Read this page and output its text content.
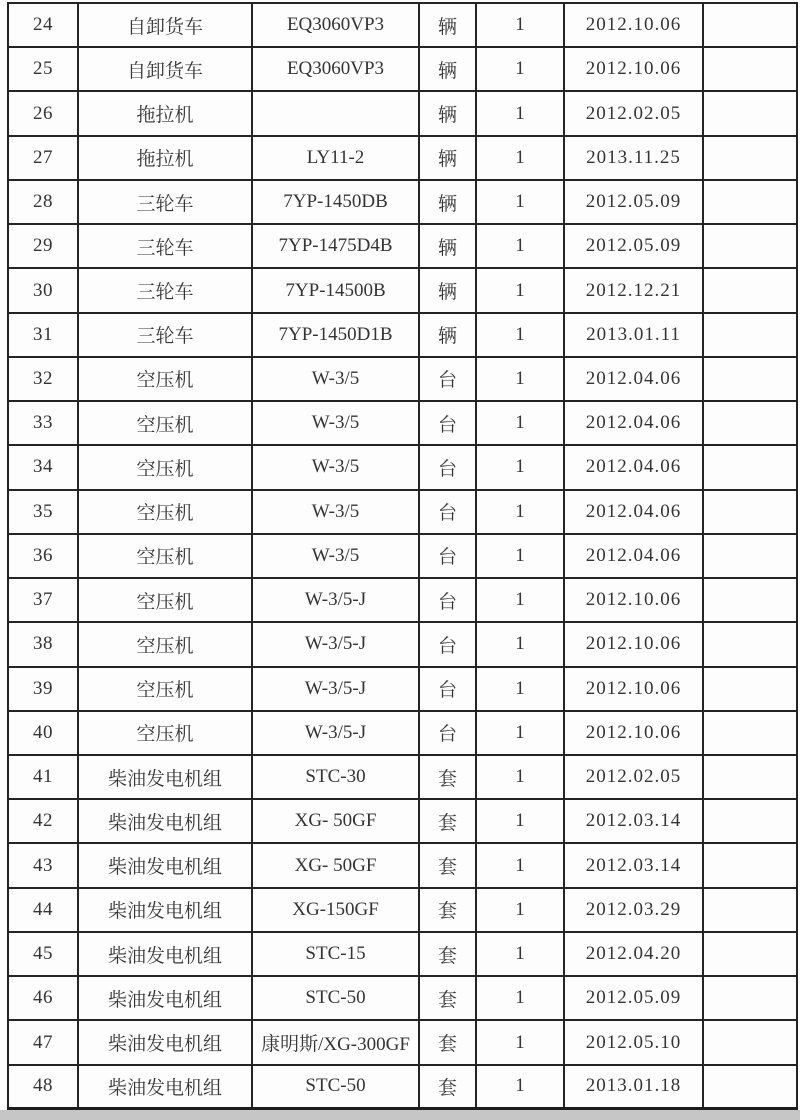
24	自卸货车	EQ3060VP3	辆	1	2012.10.06	
25	自卸货车	EQ3060VP3	辆	1	2012.10.06	
26	拖拉机		辆	1	2012.02.05	
27	拖拉机	LY11-2	辆	1	2013.11.25	
28	三轮车	7YP-1450DB	辆	1	2012.05.09	
29	三轮车	7YP-1475D4B	辆	1	2012.05.09	
30	三轮车	7YP-14500B	辆	1	2012.12.21	
31	三轮车	7YP-1450D1B	辆	1	2013.01.11	
32	空压机	W-3/5	台	1	2012.04.06	
33	空压机	W-3/5	台	1	2012.04.06	
34	空压机	W-3/5	台	1	2012.04.06	
35	空压机	W-3/5	台	1	2012.04.06	
36	空压机	W-3/5	台	1	2012.04.06	
37	空压机	W-3/5-J	台	1	2012.10.06	
38	空压机	W-3/5-J	台	1	2012.10.06	
39	空压机	W-3/5-J	台	1	2012.10.06	
40	空压机	W-3/5-J	台	1	2012.10.06	
41	柴油发电机组	STC-30	套	1	2012.02.05	
42	柴油发电机组	XG- 50GF	套	1	2012.03.14	
43	柴油发电机组	XG- 50GF	套	1	2012.03.14	
44	柴油发电机组	XG-150GF	套	1	2012.03.29	
45	柴油发电机组	STC-15	套	1	2012.04.20	
46	柴油发电机组	STC-50	套	1	2012.05.09	
47	柴油发电机组	康明斯/XG-300GF	套	1	2012.05.10	
48	柴油发电机组	STC-50	套	1	2013.01.18	
